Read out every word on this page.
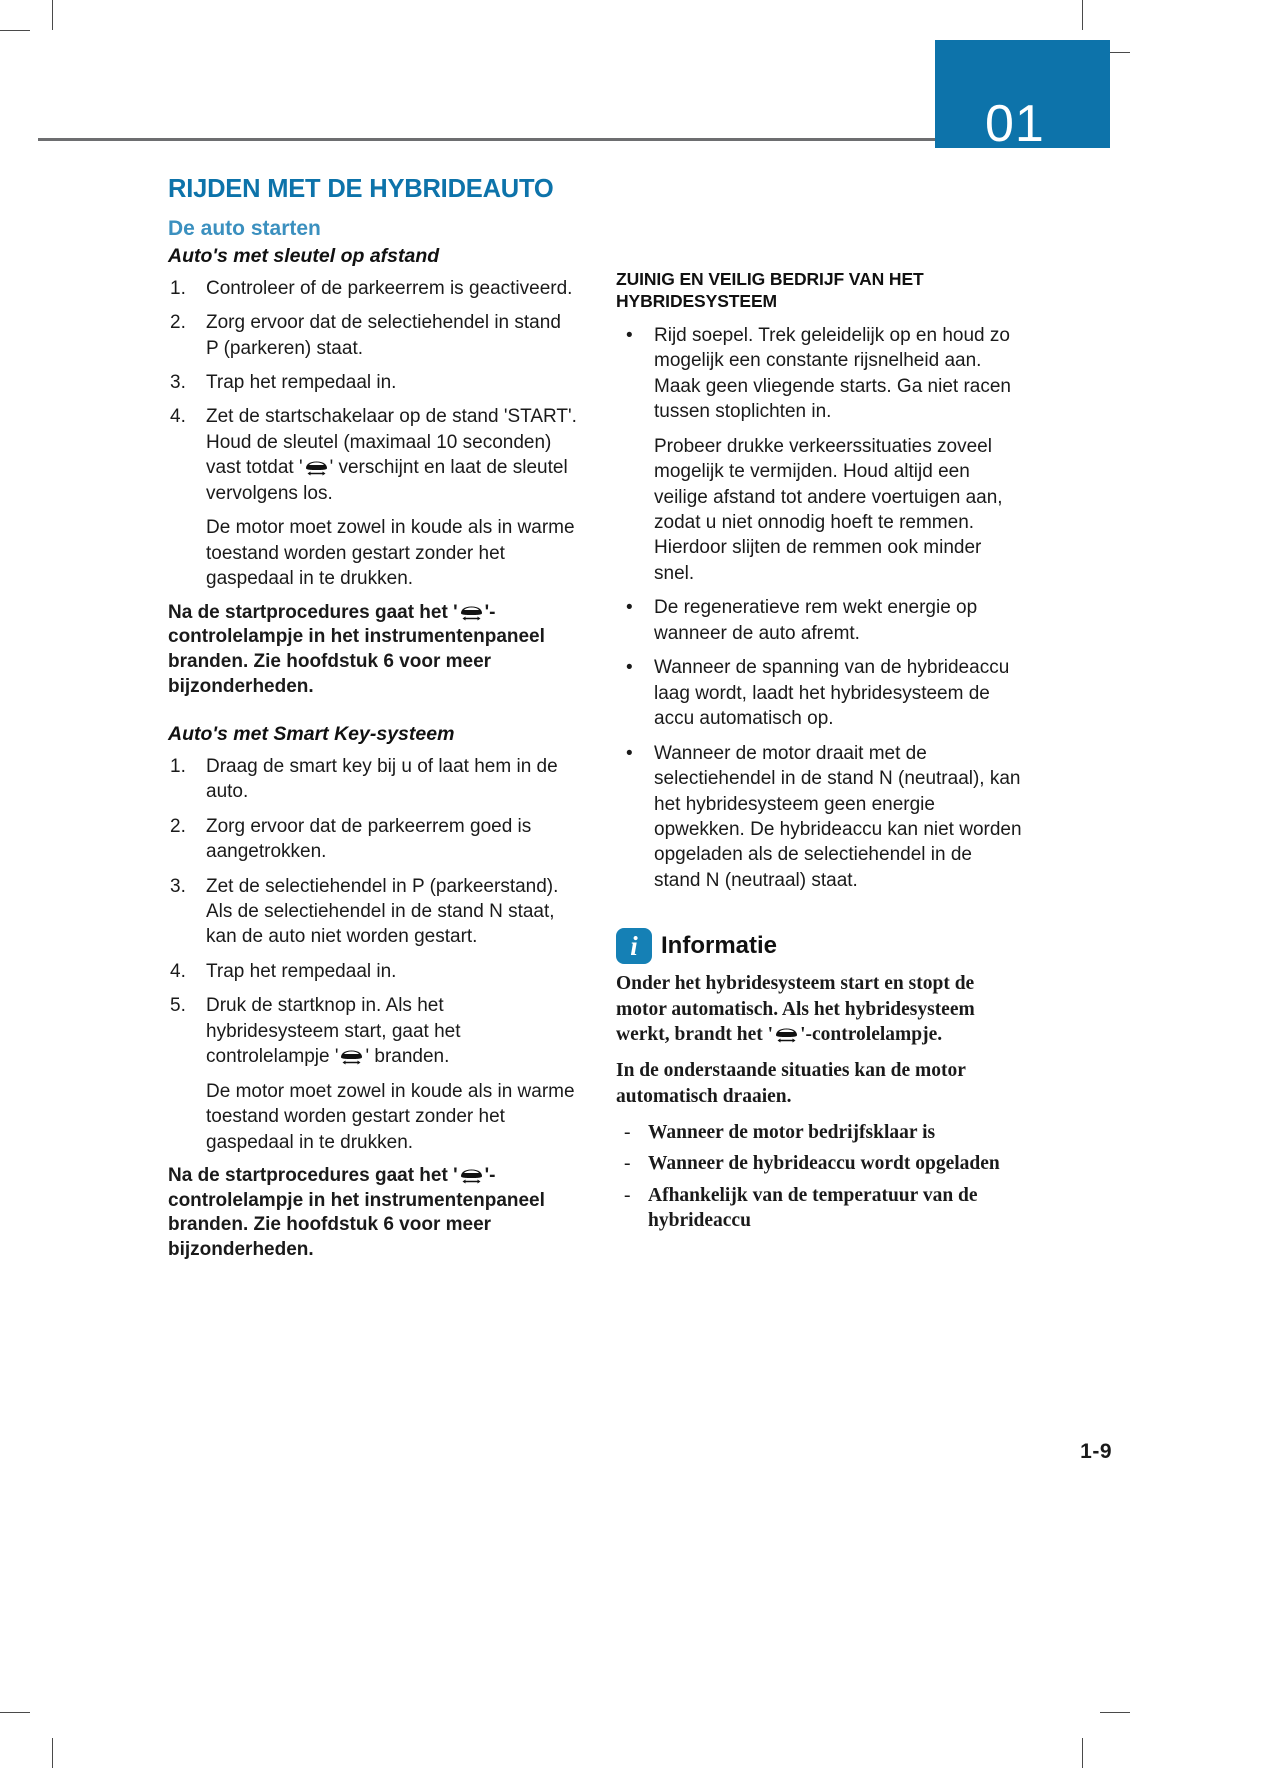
01
RIJDEN MET DE HYBRIDEAUTO
De auto starten
Auto's met sleutel op afstand
1. Controleer of de parkeerrem is geactiveerd.
2. Zorg ervoor dat de selectiehendel in stand P (parkeren) staat.
3. Trap het rempedaal in.
4. Zet de startschakelaar op de stand 'START'. Houd de sleutel (maximaal 10 seconden) vast totdat ' ' verschijnt en laat de sleutel vervolgens los.

De motor moet zowel in koude als in warme toestand worden gestart zonder het gaspedaal in te drukken.

Na de startprocedures gaat het ' '-controlelampje in het instrumentenpaneel branden. Zie hoofdstuk 6 voor meer bijzonderheden.

Auto's met Smart Key-systeem
1. Draag de smart key bij u of laat hem in de auto.
2. Zorg ervoor dat de parkeerrem goed is aangetrokken.
3. Zet de selectiehendel in P (parkeerstand). Als de selectiehendel in de stand N staat, kan de auto niet worden gestart.
4. Trap het rempedaal in.
5. Druk de startknop in. Als het hybridesysteem start, gaat het controlelampje ' ' branden.

De motor moet zowel in koude als in warme toestand worden gestart zonder het gaspedaal in te drukken.

Na de startprocedures gaat het ' '-controlelampje in het instrumentenpaneel branden. Zie hoofdstuk 6 voor meer bijzonderheden.

ZUINIG EN VEILIG BEDRIJF VAN HET HYBRIDESYSTEEM
• Rijd soepel. Trek geleidelijk op en houd zo mogelijk een constante rijsnelheid aan. Maak geen vliegende starts. Ga niet racen tussen stoplichten in.

Probeer drukke verkeerssituaties zoveel mogelijk te vermijden. Houd altijd een veilige afstand tot andere voertuigen aan, zodat u niet onnodig hoeft te remmen. Hierdoor slijten de remmen ook minder snel.

• De regeneratieve rem wekt energie op wanneer de auto afremt.
• Wanneer de spanning van de hybrideaccu laag wordt, laadt het hybridesysteem de accu automatisch op.
• Wanneer de motor draait met de selectiehendel in de stand N (neutraal), kan het hybridesysteem geen energie opwekken. De hybrideaccu kan niet worden opgeladen als de selectiehendel in de stand N (neutraal) staat.
i Informatie

Onder het hybridesysteem start en stopt de motor automatisch. Als het hybridesysteem werkt, brandt het ' '-controlelampje.

In de onderstaande situaties kan de motor automatisch draaien.

- Wanneer de motor bedrijfsklaar is
- Wanneer de hybrideaccu wordt opgeladen
- Afhankelijk van de temperatuur van de hybrideaccu
1-9
